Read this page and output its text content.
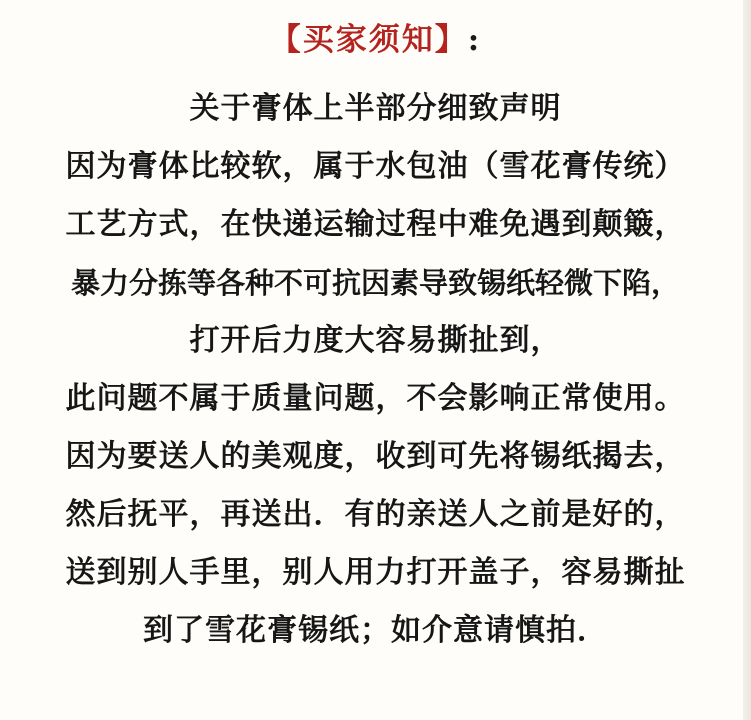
【买家须知】:
关于膏体上半部分细致声明
因为膏体比较软，属于水包油（雪花膏传统）
工艺方式，在快递运输过程中难免遇到颠簸，
暴力分拣等各种不可抗因素导致锡纸轻微下陷，
打开后力度大容易撕扯到，
此问题不属于质量问题，不会影响正常使用。
因为要送人的美观度，收到可先将锡纸揭去，
然后抚平，再送出．有的亲送人之前是好的，
送到别人手里，别人用力打开盖子，容易撕扯
到了雪花膏锡纸；如介意请慎拍．
